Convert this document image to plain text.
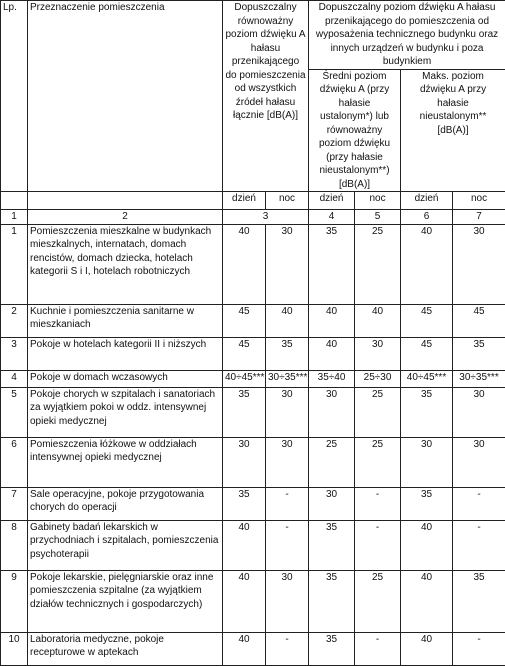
Lp.	Przeznaczenie pomieszczenia	Dopuszczalny równoważny poziom dźwięku A hałasu przenikającego do pomieszczenia od wszystkich źródeł hałasu łącznie [dB(A)]		Dopuszczalny poziom dźwięku A hałasu przenikającego do pomieszczenia od wyposażenia technicznego budynku oraz innych urządzeń w budynku i poza budynkiem			
				Średni poziom dźwięku A (przy hałasie ustalonym*) lub równoważny poziom dźwięku (przy hałasie nieustalonym**) [dB(A)]		Maks. poziom dźwięku A przy hałasie nieustalonym** [dB(A)]	
		dzień	noc	dzień	noc	dzień	noc
1	2	3		4	5	6	7
1	Pomieszczenia mieszkalne w budynkach mieszkalnych, internatach, domach rencistów, domach dziecka, hotelach kategorii S i I, hotelach robotniczych	40	30	35	25	40	30
2	Kuchnie i pomieszczenia sanitarne w mieszkaniach	45	40	40	40	45	45
3	Pokoje w hotelach kategorii II i niższych	45	35	40	30	45	35
4	Pokoje w domach wczasowych	40÷45***	30÷35***	35÷40	25÷30	40÷45***	30÷35***
5	Pokoje chorych w szpitalach i sanatoriach za wyjątkiem pokoi w oddz. intensywnej opieki medycznej	35	30	30	25	35	30
6	Pomieszczenia łóżkowe w oddziałach intensywnej opieki medycznej	30	30	25	25	30	30
7	Sale operacyjne, pokoje przygotowania chorych do operacji	35	-	30	-	35	-
8	Gabinety badań lekarskich w przychodniach i szpitalach, pomieszczenia psychoterapii	40	-	35	-	40	-
9	Pokoje lekarskie, pielęgniarskie oraz inne pomieszczenia szpitalne (za wyjątkiem działów technicznych i gospodarczych)	40	30	35	25	40	35
10	Laboratoria medyczne, pokoje recepturowe w aptekach	40	-	35	-	40	-
